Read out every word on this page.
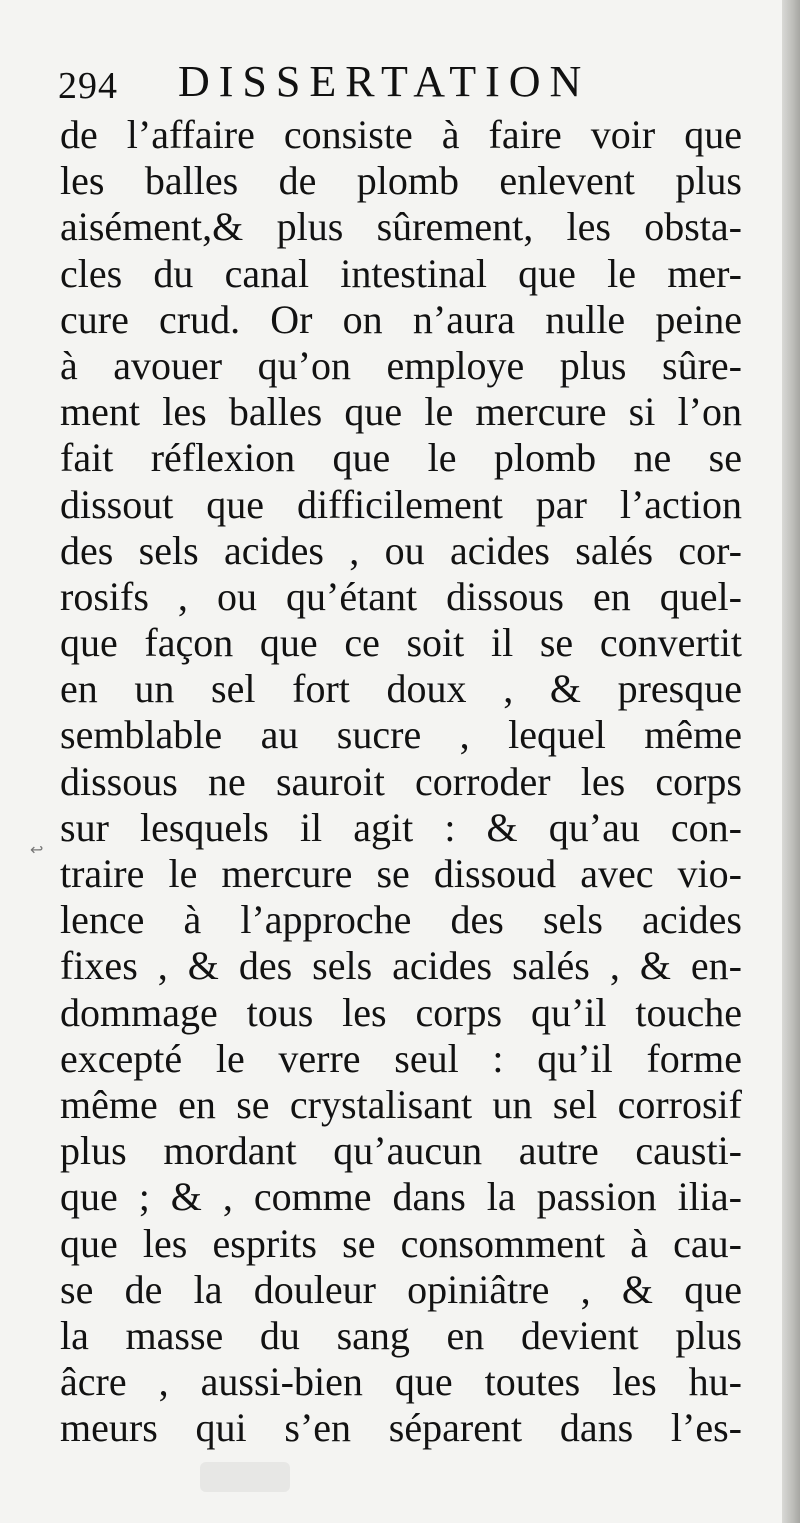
294 DISSERTATION
↩
de l’affaire consiste à faire voir que
les balles de plomb enlevent plus
aisément,& plus sûrement, les obsta-
cles du canal intestinal que le mer-
cure crud. Or on n’aura nulle peine
à avouer qu’on employe plus sûre-
ment les balles que le mercure si l’on
fait réflexion que le plomb ne se
dissout que difficilement par l’action
des sels acides , ou acides salés cor-
rosifs , ou qu’étant dissous en quel-
que façon que ce soit il se convertit
en un sel fort doux , & presque
semblable au sucre , lequel même
dissous ne sauroit corroder les corps
sur lesquels il agit : & qu’au con-
traire le mercure se dissoud avec vio-
lence à l’approche des sels acides
fixes , & des sels acides salés , & en-
dommage tous les corps qu’il touche
excepté le verre seul : qu’il forme
même en se crystalisant un sel corrosif
plus mordant qu’aucun autre causti-
que ; & , comme dans la passion ilia-
que les esprits se consomment à cau-
se de la douleur opiniâtre , & que
la masse du sang en devient plus
âcre , aussi-bien que toutes les hu-
meurs qui s’en séparent dans l’es-
